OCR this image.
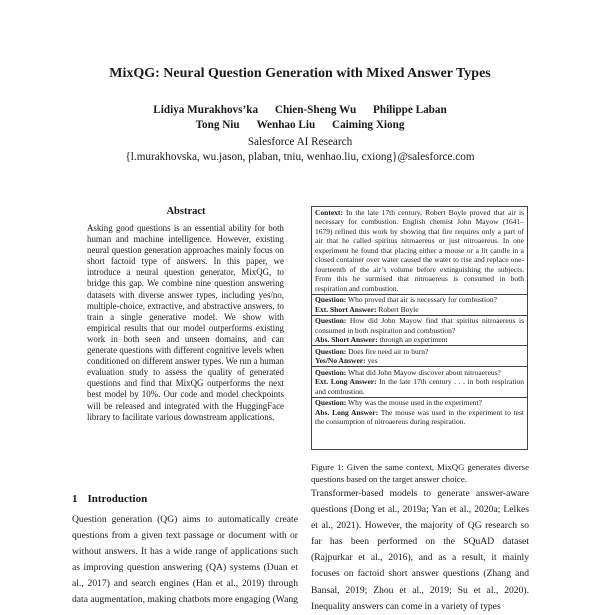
MixQG: Neural Question Generation with Mixed Answer Types
Lidiya Murakhovs’ka Chien-Sheng Wu Philippe Laban
Tong Niu Wenhao Liu Caiming Xiong
Salesforce AI Research
{l.murakhovska, wu.jason, plaban, tniu, wenhao.liu, cxiong}@salesforce.com
Abstract

Asking good questions is an essential ability for both human and machine intelligence. However, existing neural question generation approaches mainly focus on short factoid type of answers. In this paper, we introduce a neural question generator, MixQG, to bridge this gap. We combine nine question answering datasets with diverse answer types, including yes/no, multiple-choice, extractive, and abstractive answers, to train a single generative model. We show with empirical results that our model outperforms existing work in both seen and unseen domains, and can generate questions with different cognitive levels when conditioned on different answer types. We run a human evaluation study to assess the quality of generated questions and find that MixQG outperforms the next best model by 10%. Our code and model checkpoints will be released and integrated with the HuggingFace library to facilitate various downstream applications.

1 Introduction

Question generation (QG) aims to automatically create questions from a given text passage or document with or without answers. It has a wide range of applications such as improving question answering (QA) systems (Duan et al., 2017) and search engines (Han et al., 2019) through data augmentation, making chatbots more engaging (Wang

Context: In the late 17th century, Robert Boyle proved that air is necessary for combustion. English chemist John Mayow (1641–1679) refined this work by showing that fire requires only a part of air that he called spiritus nitroaereus or just nitroaereus. In one experiment he found that placing either a mouse or a lit candle in a closed container over water caused the water to rise and replace one-fourteenth of the air’s volume before extinguishing the subjects. From this he surmised that nitroaereus is consumed in both respiration and combustion.
Question: Who proved that air is necessary for combustion?
Ext. Short Answer: Robert Boyle
Question: How did John Mayow find that spiritus nitroaereus is consumed in both respiration and combustion?
Abs. Short Answer: through an experiment
Question: Does fire need air to burn?
Yes/No Answer: yes
Question: What did John Mayow discover about nitroaereus?
Ext. Long Answer: In the late 17th century . . . in both respiration and combustion.
Question: Why was the mouse used in the experiment?
Abs. Long Answer: The mouse was used in the experiment to test the consumption of nitroaereus during respiration.

Figure 1: Given the same context, MixQG generates diverse questions based on the target answer choice.

Transformer-based models to generate answer-aware questions (Dong et al., 2019a; Yan et al., 2020a; Lelkes et al., 2021). However, the majority of QG research so far has been performed on the SQuAD dataset (Rajpurkar et al., 2016), and as a result, it mainly focuses on factoid short answer questions (Zhang and Bansal, 2019; Zhou et al., 2019; Su et al., 2020). Inequality answers can come in a variety of types
